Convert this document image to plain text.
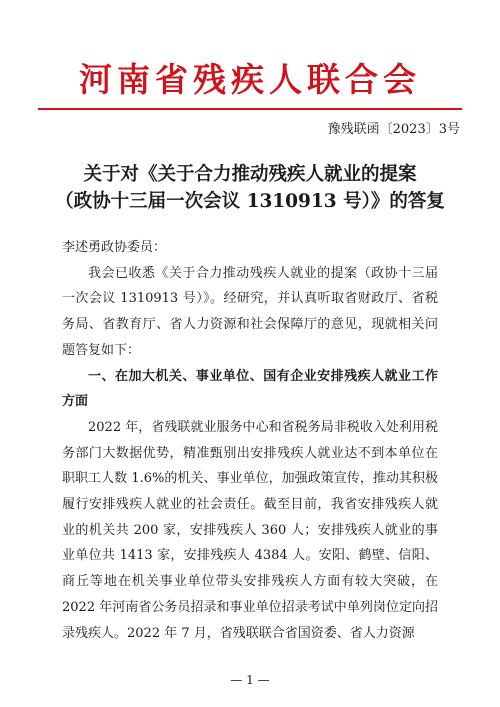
河南省残疾人联合会
豫残联函〔2023〕3号
关于对《关于合力推动残疾人就业的提案
（政协十三届一次会议 1310913 号）》的答复

李述勇政协委员：

我会已收悉《关于合力推动残疾人就业的提案（政协十三届一次会议 1310913 号）》。经研究，并认真听取省财政厅、省税务局、省教育厅、省人力资源和社会保障厅的意见，现就相关问题答复如下：

一、在加大机关、事业单位、国有企业安排残疾人就业工作方面

2022 年，省残联就业服务中心和省税务局非税收入处利用税务部门大数据优势，精准甄别出安排残疾人就业达不到本单位在职职工人数 1.6%的机关、事业单位，加强政策宣传，推动其积极履行安排残疾人就业的社会责任。截至目前，我省安排残疾人就业的机关共 200 家，安排残疾人 360 人；安排残疾人就业的事业单位共 1413 家，安排残疾人 4384 人。安阳、鹤壁、信阳、商丘等地在机关事业单位带头安排残疾人方面有较大突破，在 2022 年河南省公务员招录和事业单位招录考试中单列岗位定向招录残疾人。2022 年 7 月，省残联联合省国资委、省人力资源

— 1 —
